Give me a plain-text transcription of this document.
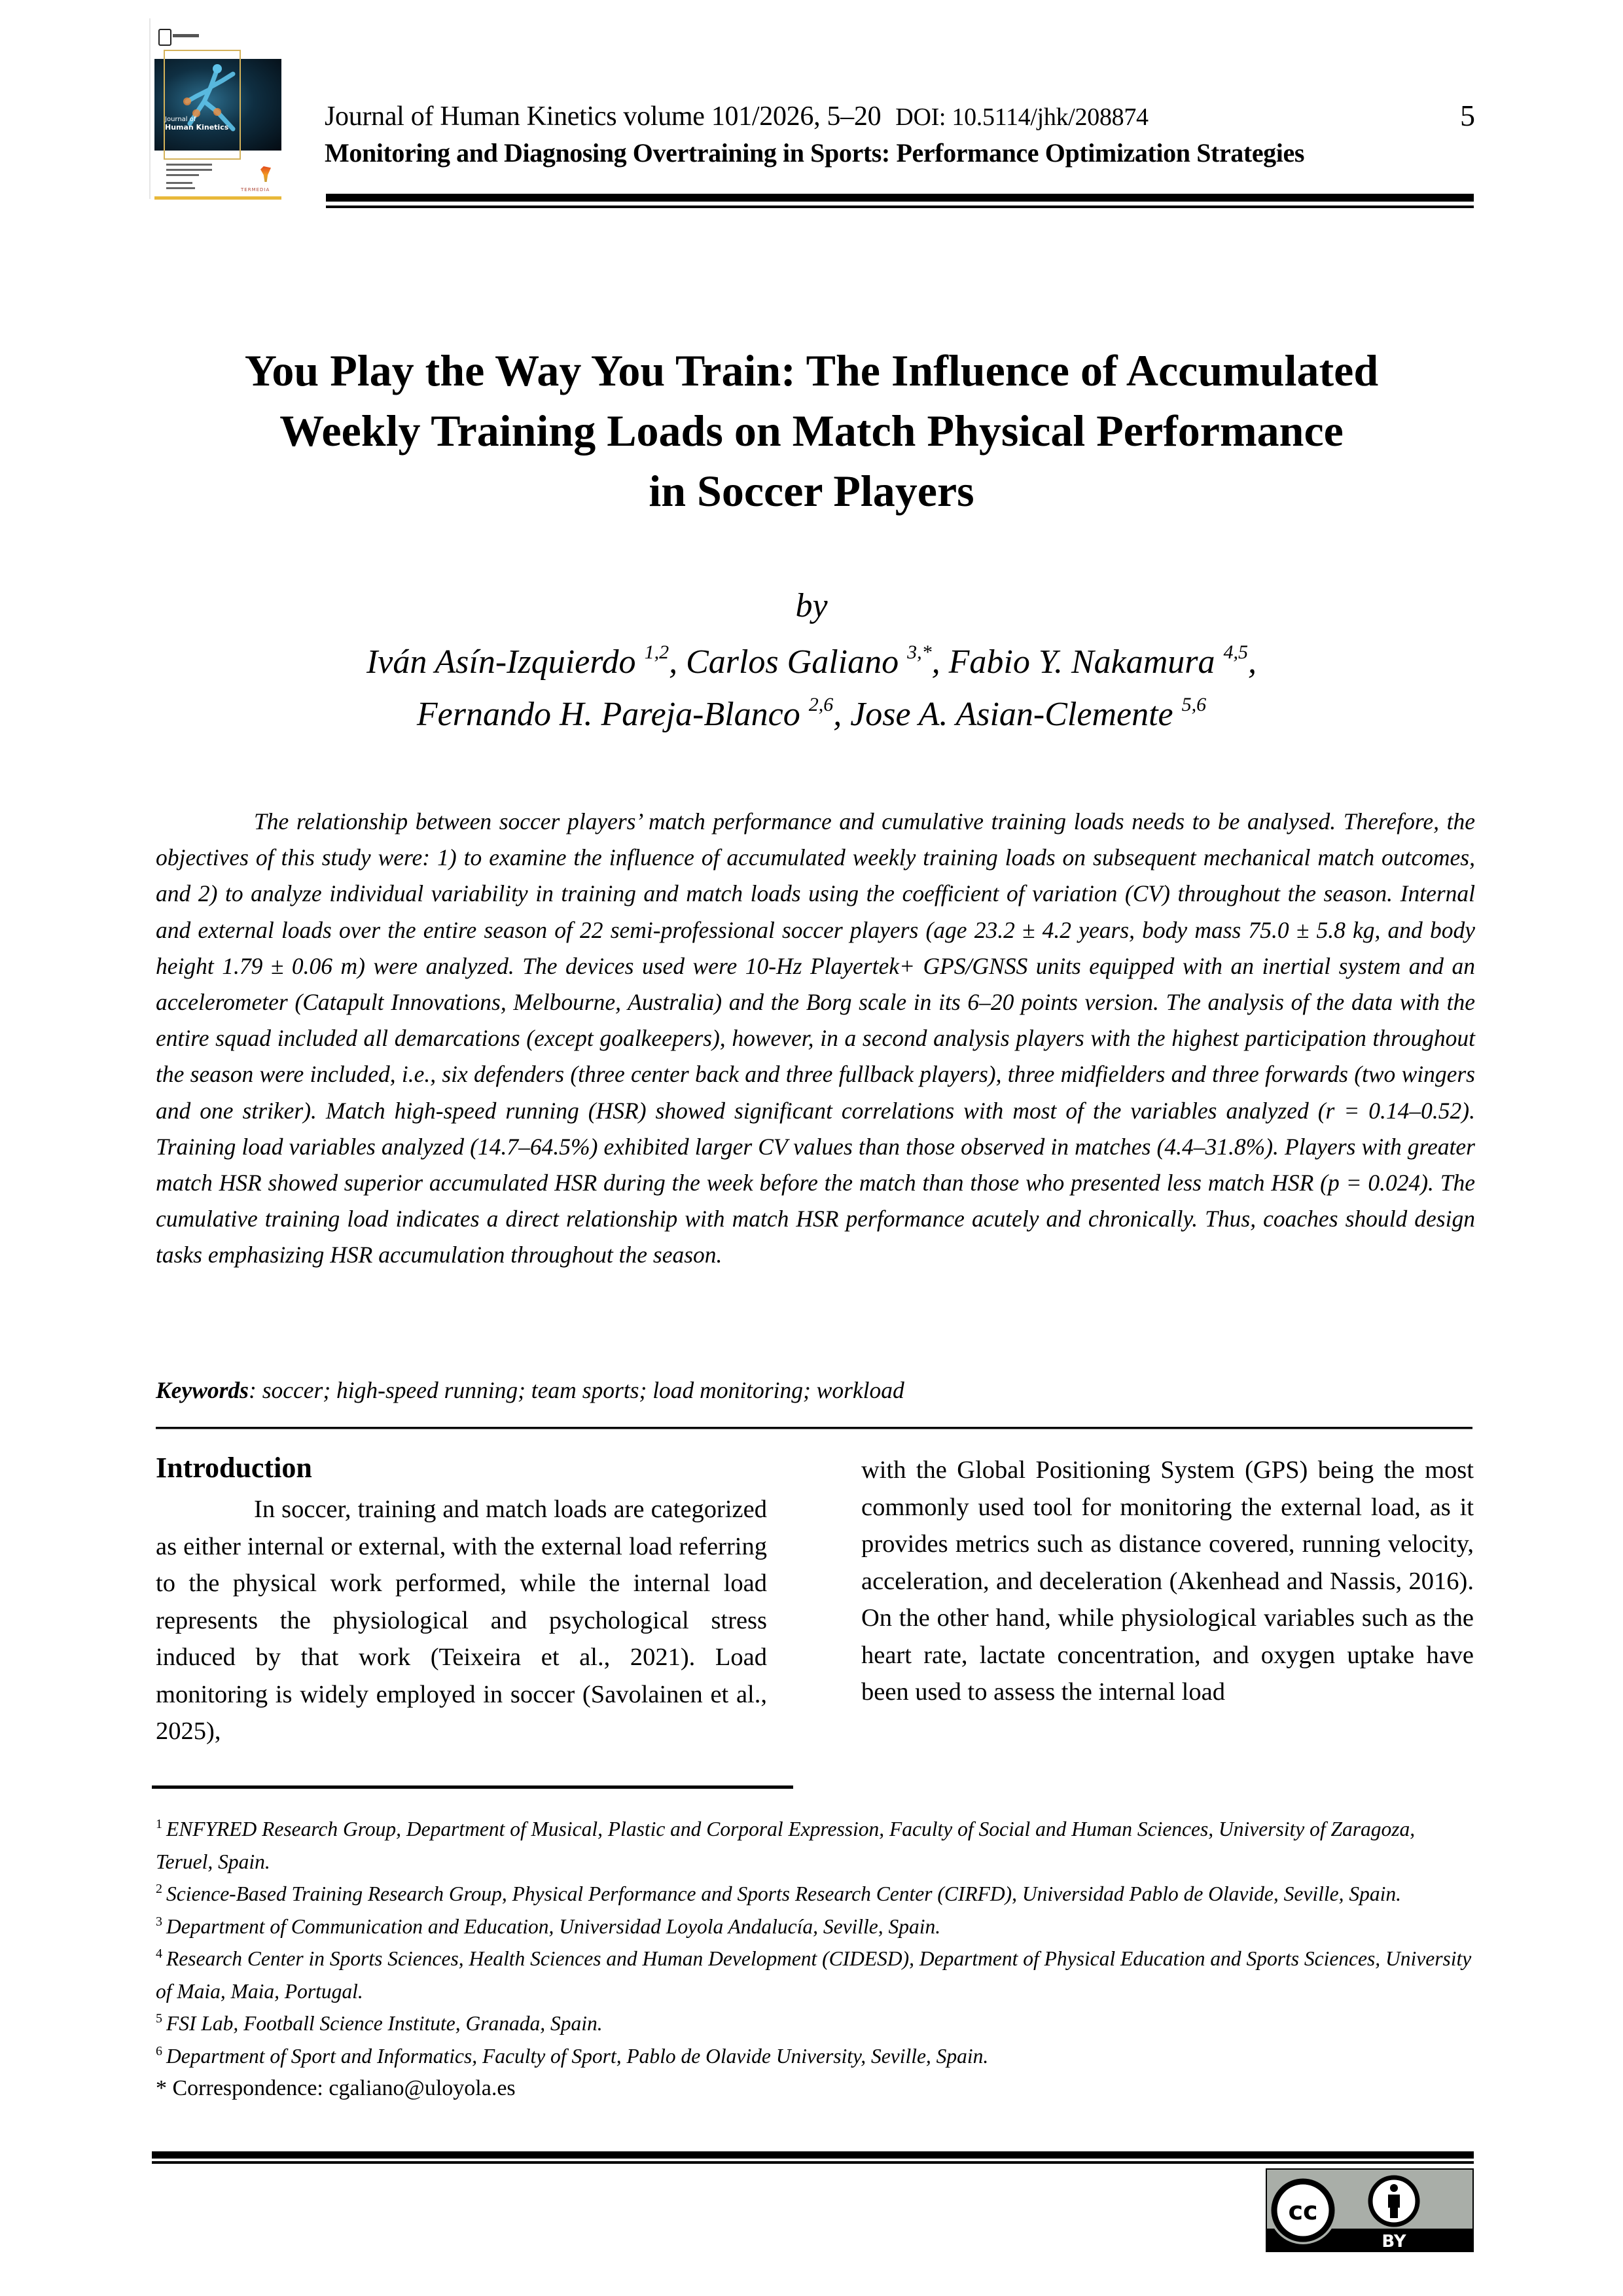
Journal of
Human Kinetics
TERMEDIA
Journal of Human Kinetics volume 101/2026, 5–20 DOI: 10.5114/jhk/208874	5
Monitoring and Diagnosing Overtraining in Sports: Performance Optimization Strategies
You Play the Way You Train: The Influence of Accumulated
Weekly Training Loads on Match Physical Performance
in Soccer Players
by
Iván Asín-Izquierdo $^{1,2}$, Carlos Galiano $^{3,*}$, Fabio Y. Nakamura $^{4,5}$,
Fernando H. Pareja-Blanco $^{2,6}$, Jose A. Asian-Clemente $^{5,6}$
The relationship between soccer players’ match performance and cumulative training loads needs to be analysed. Therefore, the objectives of this study were: 1) to examine the influence of accumulated weekly training loads on subsequent mechanical match outcomes, and 2) to analyze individual variability in training and match loads using the coefficient of variation (CV) throughout the season. Internal and external loads over the entire season of 22 semi-professional soccer players (age 23.2 ± 4.2 years, body mass 75.0 ± 5.8 kg, and body height 1.79 ± 0.06 m) were analyzed. The devices used were 10-Hz Playertek+ GPS/GNSS units equipped with an inertial system and an accelerometer (Catapult Innovations, Melbourne, Australia) and the Borg scale in its 6–20 points version. The analysis of the data with the entire squad included all demarcations (except goalkeepers), however, in a second analysis players with the highest participation throughout the season were included, i.e., six defenders (three center back and three fullback players), three midfielders and three forwards (two wingers and one striker). Match high-speed running (HSR) showed significant correlations with most of the variables analyzed (r = 0.14–0.52). Training load variables analyzed (14.7–64.5%) exhibited larger CV values than those observed in matches (4.4–31.8%). Players with greater match HSR showed superior accumulated HSR during the week before the match than those who presented less match HSR (p = 0.024). The cumulative training load indicates a direct relationship with match HSR performance acutely and chronically. Thus, coaches should design tasks emphasizing HSR accumulation throughout the season.
Keywords: soccer; high-speed running; team sports; load monitoring; workload
Introduction
In soccer, training and match loads are categorized as either internal or external, with the external load referring to the physical work performed, while the internal load represents the physiological and psychological stress induced by that work (Teixeira et al., 2021). Load monitoring is widely employed in soccer (Savolainen et al., 2025),
with the Global Positioning System (GPS) being the most commonly used tool for monitoring the external load, as it provides metrics such as distance covered, running velocity, acceleration, and deceleration (Akenhead and Nassis, 2016). On the other hand, while physiological variables such as the heart rate, lactate concentration, and oxygen uptake have been used to assess the internal load
$^1$ ENFYRED Research Group, Department of Musical, Plastic and Corporal Expression, Faculty of Social and Human Sciences, University of Zaragoza, Teruel, Spain.
$^2$ Science-Based Training Research Group, Physical Performance and Sports Research Center (CIRFD), Universidad Pablo de Olavide, Seville, Spain.
$^3$ Department of Communication and Education, Universidad Loyola Andalucía, Seville, Spain.
$^4$ Research Center in Sports Sciences, Health Sciences and Human Development (CIDESD), Department of Physical Education and Sports Sciences, University of Maia, Maia, Portugal.
$^5$ FSI Lab, Football Science Institute, Granada, Spain.
$^6$ Department of Sport and Informatics, Faculty of Sport, Pablo de Olavide University, Seville, Spain.
* Correspondence: cgaliano@uloyola.es
cc
BY
